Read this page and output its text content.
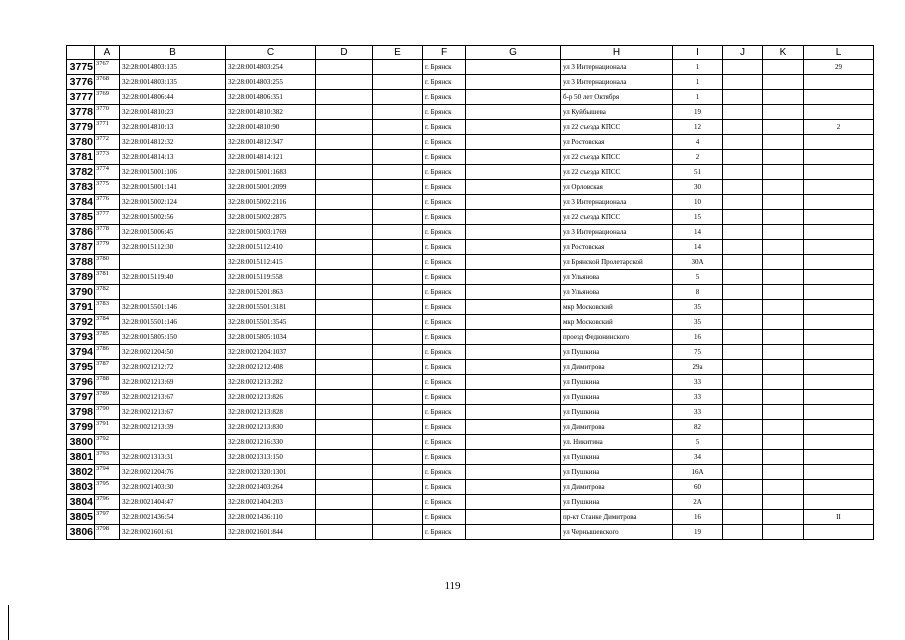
	A	B	C	D	E	F	G	H	I	J	K	L
3775	3767	32:28:0014803:135	32:28:0014803:254			г. Брянск		ул 3 Интернационала	1			29
3776	3768	32:28:0014803:135	32:28:0014803:255			г. Брянск		ул 3 Интернационала	1			
3777	3769	32:28:0014806:44	32:28:0014806:351			г. Брянск		б-р 50 лет Октября	1			
3778	3770	32:28:0014810:23	32:28:0014810:382			г. Брянск		ул Куйбышева	19			
3779	3771	32:28:0014810:13	32:28:0014810:90			г. Брянск		ул 22 съезда КПСС	12			2
3780	3772	32:28:0014812:32	32:28:0014812:347			г. Брянск		ул Ростовская	4			
3781	3773	32:28:0014814:13	32:28:0014814:121			г. Брянск		ул 22 съезда КПСС	2			
3782	3774	32:28:0015001:106	32:28:0015001:1683			г. Брянск		ул 22 съезда КПСС	51			
3783	3775	32:28:0015001:141	32:28:0015001:2099			г. Брянск		ул Орловская	30			
3784	3776	32:28:0015002:124	32:28:0015002:2116			г. Брянск		ул 3 Интернационала	10			
3785	3777	32:28:0015002:56	32:28:0015002:2875			г. Брянск		ул 22 съезда КПСС	15			
3786	3778	32:28:0015006:45	32:28:0015003:1769			г. Брянск		ул 3 Интернационала	14			
3787	3779	32:28:0015112:30	32:28:0015112:410			г. Брянск		ул Ростовская	14			
3788	3780		32:28:0015112:415			г. Брянск		ул Брянской Пролетарской	30А			
3789	3781	32:28:0015119:40	32:28:0015119:558			г. Брянск		ул Ульянова	5			
3790	3782		32:28:0015201:863			г. Брянск		ул Ульянова	8			
3791	3783	32:28:0015501:146	32:28:0015501:3181			г. Брянск		мкр Московский	35			
3792	3784	32:28:0015501:146	32:28:0015501:3545			г. Брянск		мкр Московский	35			
3793	3785	32:28:0015805:150	32:28:0015805:1034			г. Брянск		проезд Федюнинского	16			
3794	3786	32:28:0021204:50	32:28:0021204:1037			г. Брянск		ул Пушкина	75			
3795	3787	32:28:0021212:72	32:28:0021212:408			г. Брянск		ул Димитрова	29а			
3796	3788	32:28:0021213:69	32:28:0021213:282			г. Брянск		ул Пушкина	33			
3797	3789	32:28:0021213:67	32:28:0021213:826			г. Брянск		ул Пушкина	33			
3798	3790	32:28:0021213:67	32:28:0021213:828			г. Брянск		ул Пушкина	33			
3799	3791	32:28:0021213:39	32:28:0021213:830			г. Брянск		ул Димитрова	82			
3800	3792		32:28:0021216:330			г. Брянск		ул. Никитина	5			
3801	3793	32:28:0021313:31	32:28:0021313:150			г. Брянск		ул Пушкина	34			
3802	3794	32:28:0021204:76	32:28:0021320:1301			г. Брянск		ул Пушкина	16А			
3803	3795	32:28:0021403:30	32:28:0021403:264			г. Брянск		ул Димитрова	60			
3804	3796	32:28:0021404:47	32:28:0021404:203			г. Брянск		ул Пушкина	2А			
3805	3797	32:28:0021436:54	32:28:0021436:110			г. Брянск		пр-кт Станке Димитрова	16			II
3806	3798	32:28:0021601:61	32:28:0021601:844			г. Брянск		ул Чернышевского	19			
119
